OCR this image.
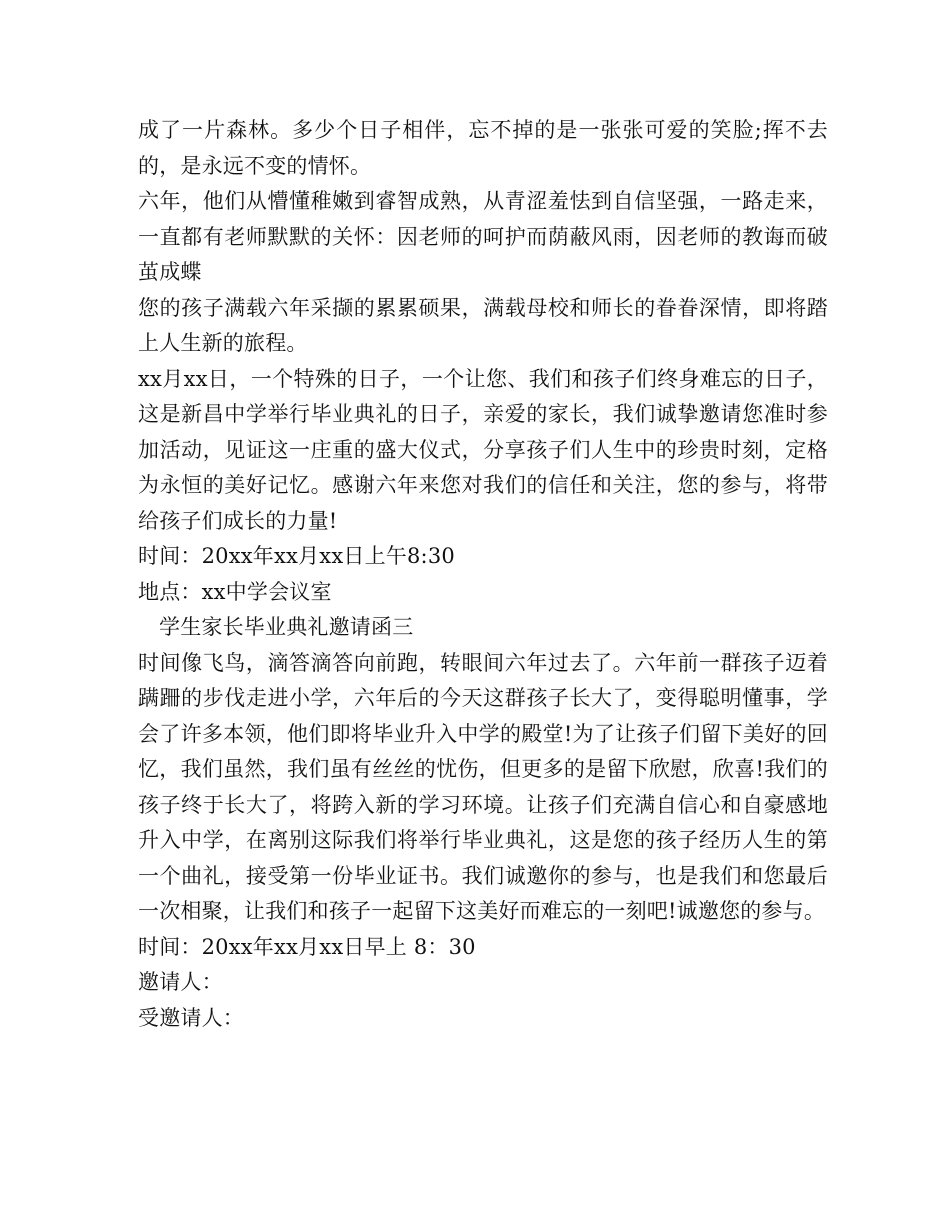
成了一片森林。多少个日子相伴，忘不掉的是一张张可爱的笑脸;挥不去的，是永远不变的情怀。

六年，他们从懵懂稚嫩到睿智成熟，从青涩羞怯到自信坚强，一路走来，一直都有老师默默的关怀：因老师的呵护而荫蔽风雨，因老师的教诲而破茧成蝶

您的孩子满载六年采撷的累累硕果，满载母校和师长的眷眷深情，即将踏上人生新的旅程。

xx月xx日，一个特殊的日子，一个让您、我们和孩子们终身难忘的日子，这是新昌中学举行毕业典礼的日子，亲爱的家长，我们诚挚邀请您准时参加活动，见证这一庄重的盛大仪式，分享孩子们人生中的珍贵时刻，定格为永恒的美好记忆。感谢六年来您对我们的信任和关注，您的参与，将带给孩子们成长的力量!

时间：20xx年xx月xx日上午8:30

地点：xx中学会议室

学生家长毕业典礼邀请函三

时间像飞鸟，滴答滴答向前跑，转眼间六年过去了。六年前一群孩子迈着蹒跚的步伐走进小学，六年后的今天这群孩子长大了，变得聪明懂事，学会了许多本领，他们即将毕业升入中学的殿堂!为了让孩子们留下美好的回忆，我们虽然，我们虽有丝丝的忧伤，但更多的是留下欣慰，欣喜!我们的孩子终于长大了，将跨入新的学习环境。让孩子们充满自信心和自豪感地升入中学，在离别这际我们将举行毕业典礼，这是您的孩子经历人生的第一个曲礼，接受第一份毕业证书。我们诚邀你的参与，也是我们和您最后一次相聚，让我们和孩子一起留下这美好而难忘的一刻吧!诚邀您的参与。

时间：20xx年xx月xx日早上 8：30

邀请人：

受邀请人：
